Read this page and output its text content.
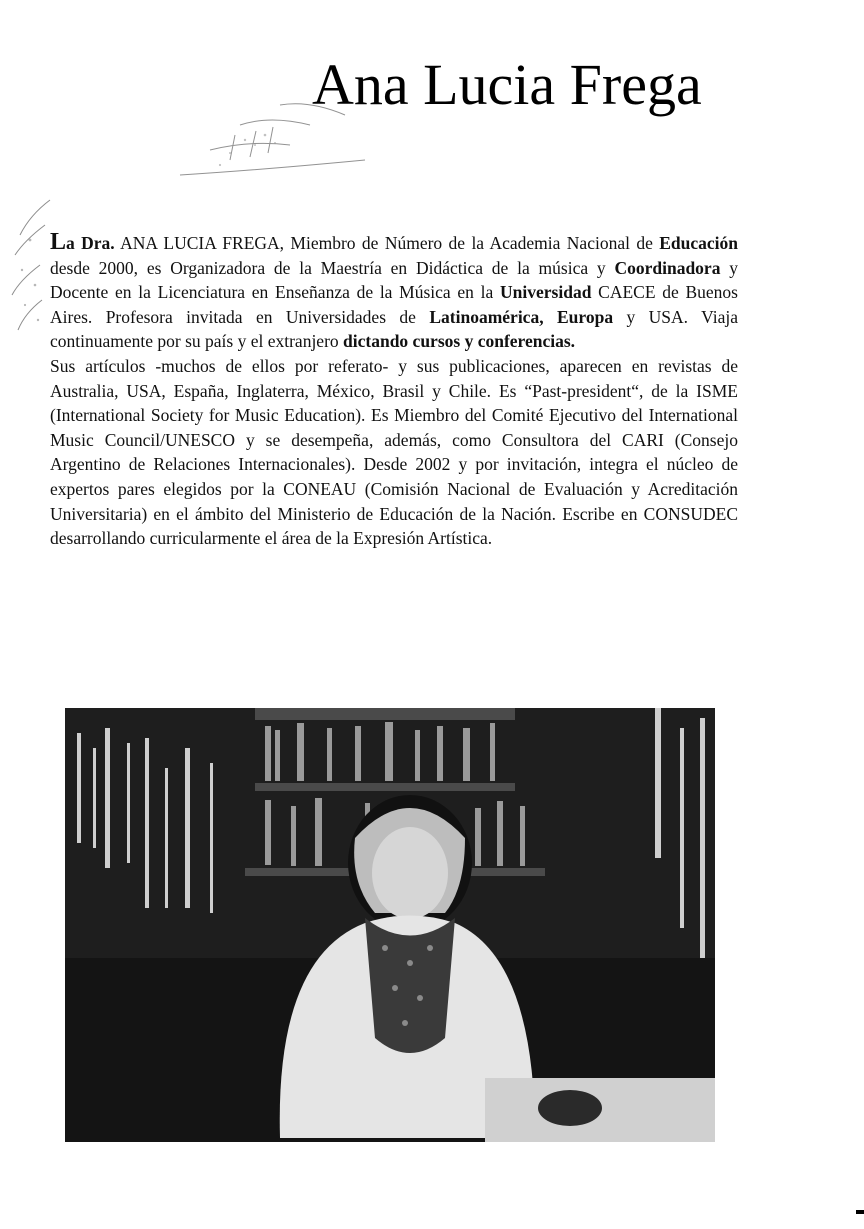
Ana Lucia Frega

La Dra. ANA LUCIA FREGA, Miembro de Número de la Academia Nacional de Educación desde 2000, es Organizadora de la Maestría en Didáctica de la música y Coordinadora y Docente en la Licenciatura en Enseñanza de la Música en la Universidad CAECE de Buenos Aires. Profesora invitada en Universidades de Latinoamérica, Europa y USA. Viaja continuamente por su país y el extranjero dictando cursos y conferencias.

Sus artículos -muchos de ellos por referato- y sus publicaciones, aparecen en revistas de Australia, USA, España, Inglaterra, México, Brasil y Chile. Es “Past-president“, de la ISME (International Society for Music Education). Es Miembro del Comité Ejecutivo del International Music Council/UNESCO y se desempeña, además, como Consultora del CARI (Consejo Argentino de Relaciones Internacionales). Desde 2002 y por invitación, integra el núcleo de expertos pares elegidos por la CONEAU (Comisión Nacional de Evaluación y Acreditación Universitaria) en el ámbito del Ministerio de Educación de la Nación. Escribe en CONSUDEC desarrollando curricularmente el área de la Expresión Artística.
